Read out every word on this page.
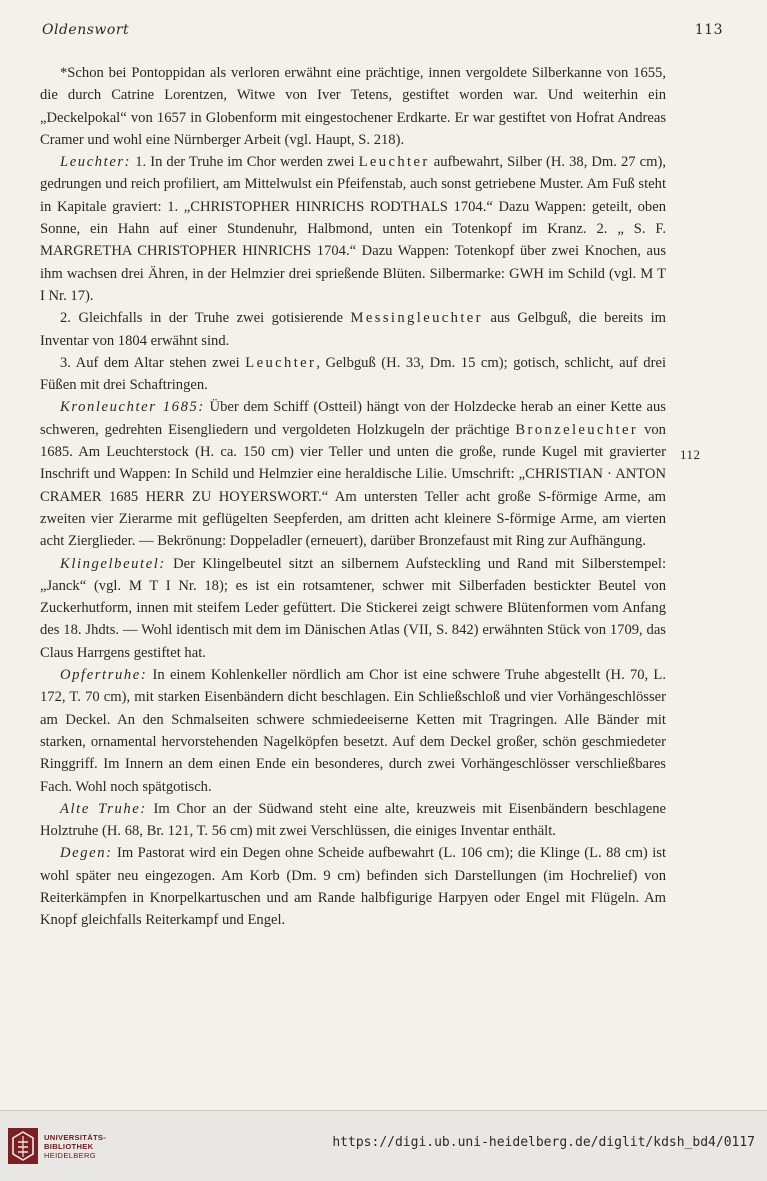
Oldenswort	113

*Schon bei Pontoppidan als verloren erwähnt eine prächtige, innen vergoldete Silberkanne von 1655, die durch Catrine Lorentzen, Witwe von Iver Tetens, gestiftet worden war. Und weiterhin ein „Deckelpokal“ von 1657 in Globenform mit eingestochener Erdkarte. Er war gestiftet von Hofrat Andreas Cramer und wohl eine Nürnberger Arbeit (vgl. Haupt, S. 218).

Leuchter: 1. In der Truhe im Chor werden zwei Leuchter aufbewahrt, Silber (H. 38, Dm. 27 cm), gedrungen und reich profiliert, am Mittelwulst ein Pfeifenstab, auch sonst getriebene Muster. Am Fuß steht in Kapitale graviert: 1. „CHRISTOPHER HINRICHS RODTHALS 1704.“ Dazu Wappen: geteilt, oben Sonne, ein Hahn auf einer Stundenuhr, Halbmond, unten ein Totenkopf im Kranz. 2. „ S. F. MARGRETHA CHRISTOPHER HINRICHS 1704.“ Dazu Wappen: Totenkopf über zwei Knochen, aus ihm wachsen drei Ähren, in der Helmzier drei sprießende Blüten. Silbermarke: GWH im Schild (vgl. M T I Nr. 17).

2. Gleichfalls in der Truhe zwei gotisierende Messingleuchter aus Gelbguß, die bereits im Inventar von 1804 erwähnt sind.

3. Auf dem Altar stehen zwei Leuchter, Gelbguß (H. 33, Dm. 15 cm); gotisch, schlicht, auf drei Füßen mit drei Schaftringen.

Kronleuchter 1685: Über dem Schiff (Ostteil) hängt von der Holzdecke herab an einer Kette aus schweren, gedrehten Eisengliedern und vergoldeten Holzkugeln der prächtige Bronzeleuchter von 1685. Am Leuchterstock (H. ca. 150 cm) vier Teller und unten die große, runde Kugel mit gravierter Inschrift und Wappen: In Schild und Helmzier eine heraldische Lilie. Umschrift: „CHRISTIAN · ANTON CRAMER 1685 HERR ZU HOYERSWORT.“ Am untersten Teller acht große S-förmige Arme, am zweiten vier Zierarme mit geflügelten Seepferden, am dritten acht kleinere S-förmige Arme, am vierten acht Zierglieder. — Bekrönung: Doppeladler (erneuert), darüber Bronzefaust mit Ring zur Aufhängung.

Klingelbeutel: Der Klingelbeutel sitzt an silbernem Aufsteckling und Rand mit Silberstempel: „Janck“ (vgl. M T I Nr. 18); es ist ein rotsamtener, schwer mit Silberfaden bestickter Beutel von Zuckerhutform, innen mit steifem Leder gefüttert. Die Stickerei zeigt schwere Blütenformen vom Anfang des 18. Jhdts. — Wohl identisch mit dem im Dänischen Atlas (VII, S. 842) erwähnten Stück von 1709, das Claus Harrgens gestiftet hat.

Opfertruhe: In einem Kohlenkeller nördlich am Chor ist eine schwere Truhe abgestellt (H. 70, L. 172, T. 70 cm), mit starken Eisenbändern dicht beschlagen. Ein Schließschloß und vier Vorhängeschlösser am Deckel. An den Schmalseiten schwere schmiedeeiserne Ketten mit Tragringen. Alle Bänder mit starken, ornamental hervorstehenden Nagelköpfen besetzt. Auf dem Deckel großer, schön geschmiedeter Ringgriff. Im Innern an dem einen Ende ein besonderes, durch zwei Vorhängeschlösser verschließbares Fach. Wohl noch spätgotisch.

Alte Truhe: Im Chor an der Südwand steht eine alte, kreuzweis mit Eisenbändern beschlagene Holztruhe (H. 68, Br. 121, T. 56 cm) mit zwei Verschlüssen, die einiges Inventar enthält.

Degen: Im Pastorat wird ein Degen ohne Scheide aufbewahrt (L. 106 cm); die Klinge (L. 88 cm) ist wohl später neu eingezogen. Am Korb (Dm. 9 cm) befinden sich Darstellungen (im Hochrelief) von Reiterkämpfen in Knorpelkartuschen und am Rande halbfigurige Harpyen oder Engel mit Flügeln. Am Knopf gleichfalls Reiterkampf und Engel.

112
UNIVERSITÄTS-
BIBLIOTHEK
HEIDELBERG
https://digi.ub.uni-heidelberg.de/diglit/kdsh_bd4/0117
